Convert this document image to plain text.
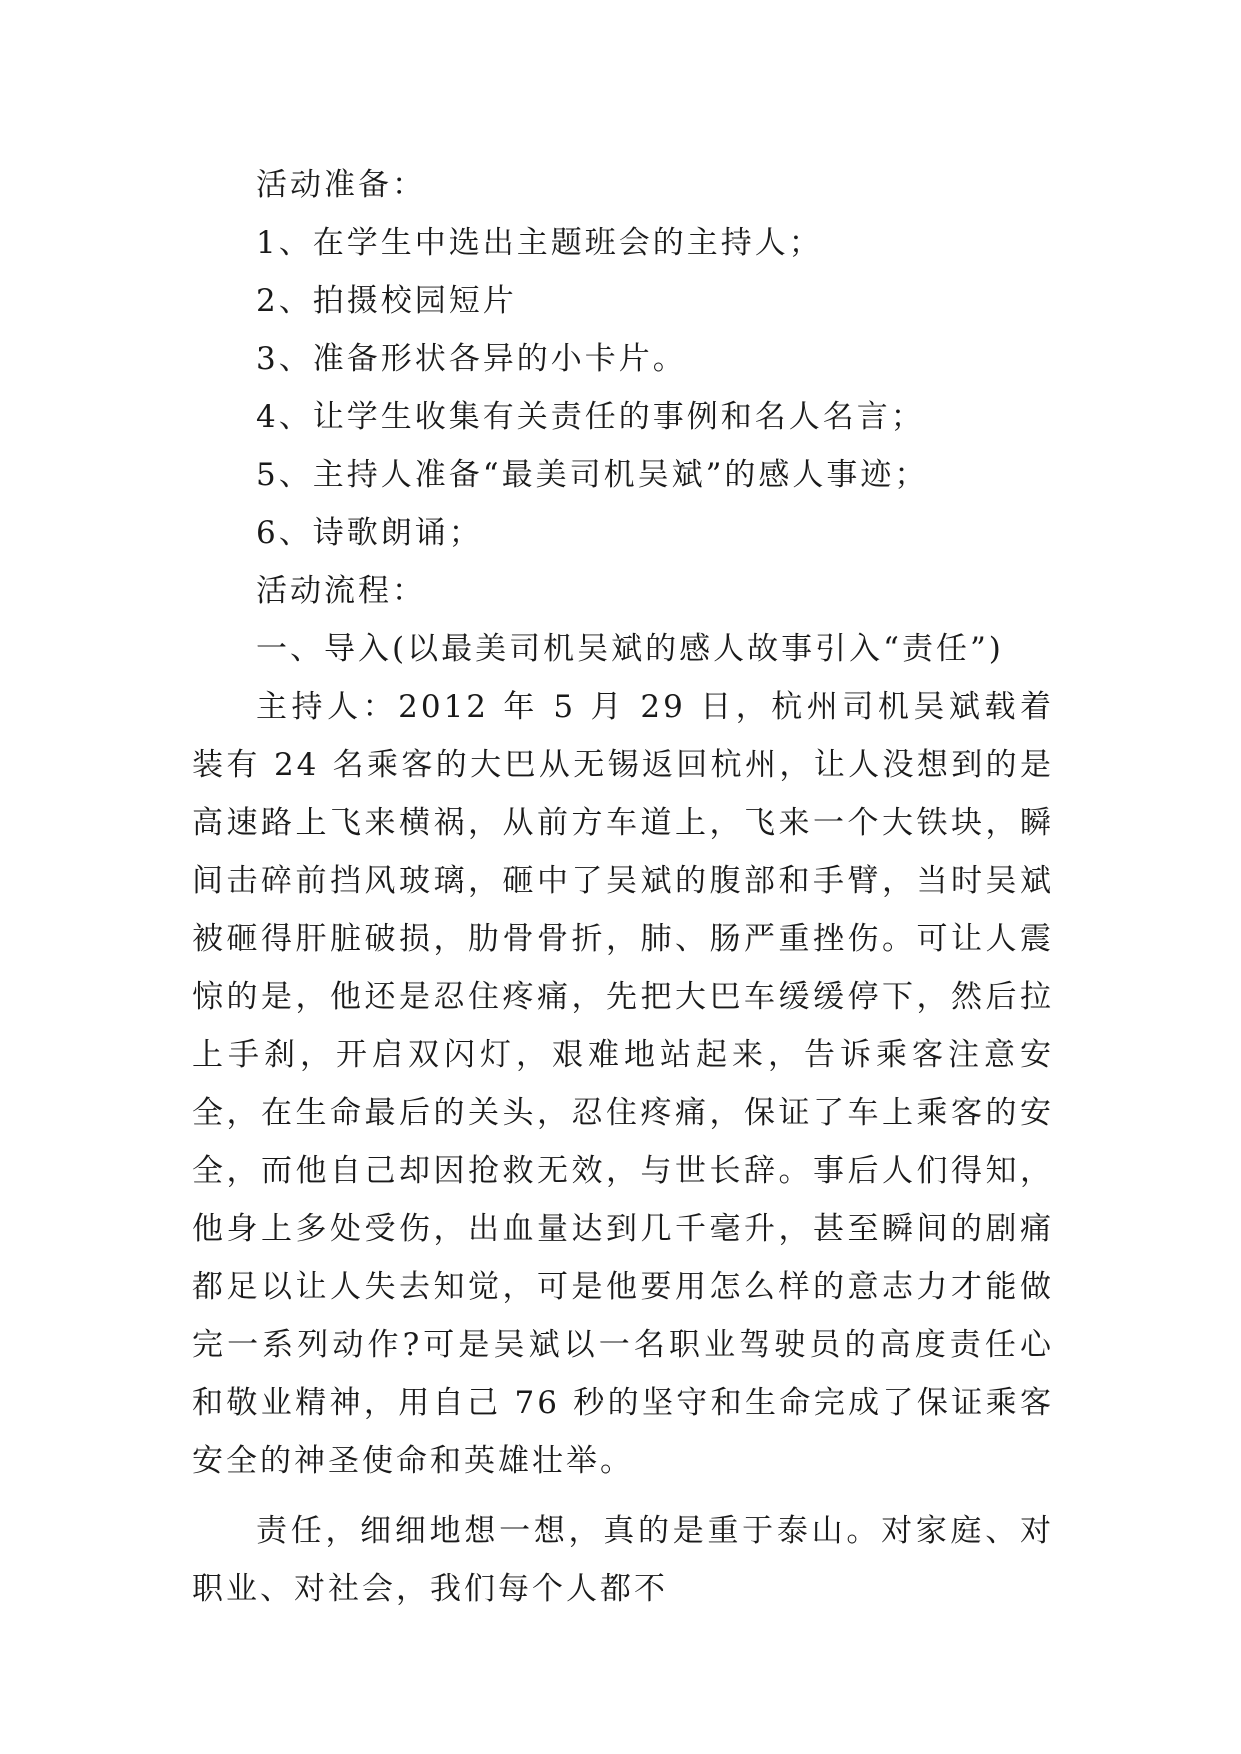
活动准备：
1、在学生中选出主题班会的主持人；
2、拍摄校园短片
3、准备形状各异的小卡片。
4、让学生收集有关责任的事例和名人名言；
5、主持人准备“最美司机吴斌”的感人事迹；
6、诗歌朗诵；
活动流程：
一、导入(以最美司机吴斌的感人故事引入“责任”)

主持人：2012 年 5 月 29 日，杭州司机吴斌载着装有 24 名乘客的大巴从无锡返回杭州，让人没想到的是高速路上飞来横祸，从前方车道上，飞来一个大铁块，瞬间击碎前挡风玻璃，砸中了吴斌的腹部和手臂，当时吴斌被砸得肝脏破损，肋骨骨折，肺、肠严重挫伤。可让人震惊的是，他还是忍住疼痛，先把大巴车缓缓停下，然后拉上手刹，开启双闪灯，艰难地站起来，告诉乘客注意安全，在生命最后的关头，忍住疼痛，保证了车上乘客的安全，而他自己却因抢救无效，与世长辞。事后人们得知，他身上多处受伤，出血量达到几千毫升，甚至瞬间的剧痛都足以让人失去知觉，可是他要用怎么样的意志力才能做完一系列动作?可是吴斌以一名职业驾驶员的高度责任心和敬业精神，用自己 76 秒的坚守和生命完成了保证乘客安全的神圣使命和英雄壮举。

责任，细细地想一想，真的是重于泰山。对家庭、对职业、对社会，我们每个人都不
